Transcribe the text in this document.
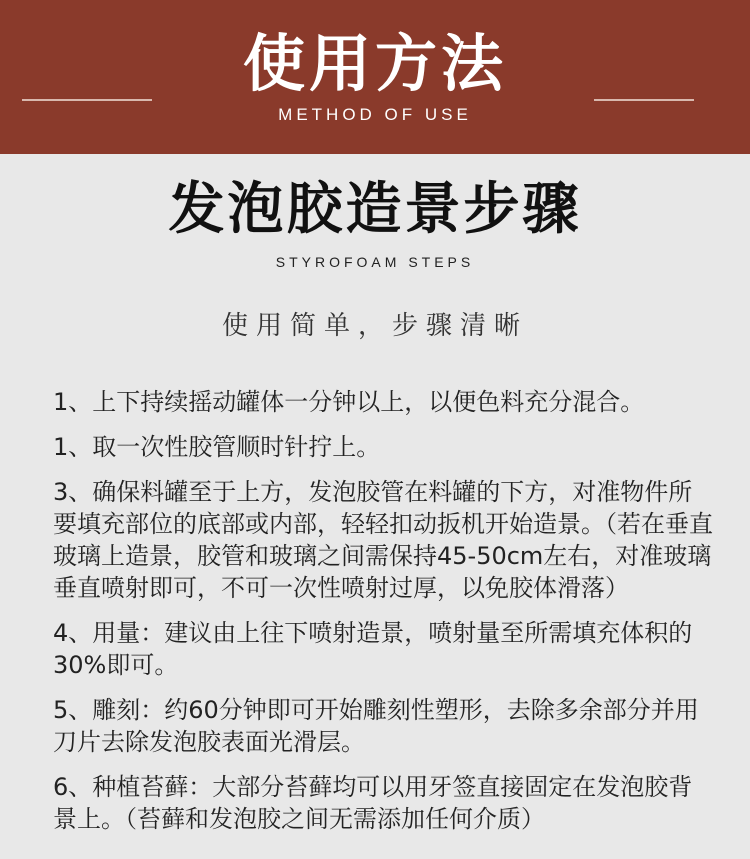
使用方法
METHOD OF USE
发泡胶造景步骤
STYROFOAM STEPS
使用简单，步骤清晰
1、上下持续摇动罐体一分钟以上，以便色料充分混合。
1、取一次性胶管顺时针拧上。
3、确保料罐至于上方，发泡胶管在料罐的下方，对准物件所要填充部位的底部或内部，轻轻扣动扳机开始造景。（若在垂直玻璃上造景，胶管和玻璃之间需保持45-50cm左右，对准玻璃垂直喷射即可，不可一次性喷射过厚，以免胶体滑落）
4、用量：建议由上往下喷射造景，喷射量至所需填充体积的30%即可。
5、雕刻：约60分钟即可开始雕刻性塑形，去除多余部分并用刀片去除发泡胶表面光滑层。
6、种植苔藓：大部分苔藓均可以用牙签直接固定在发泡胶背景上。（苔藓和发泡胶之间无需添加任何介质）
